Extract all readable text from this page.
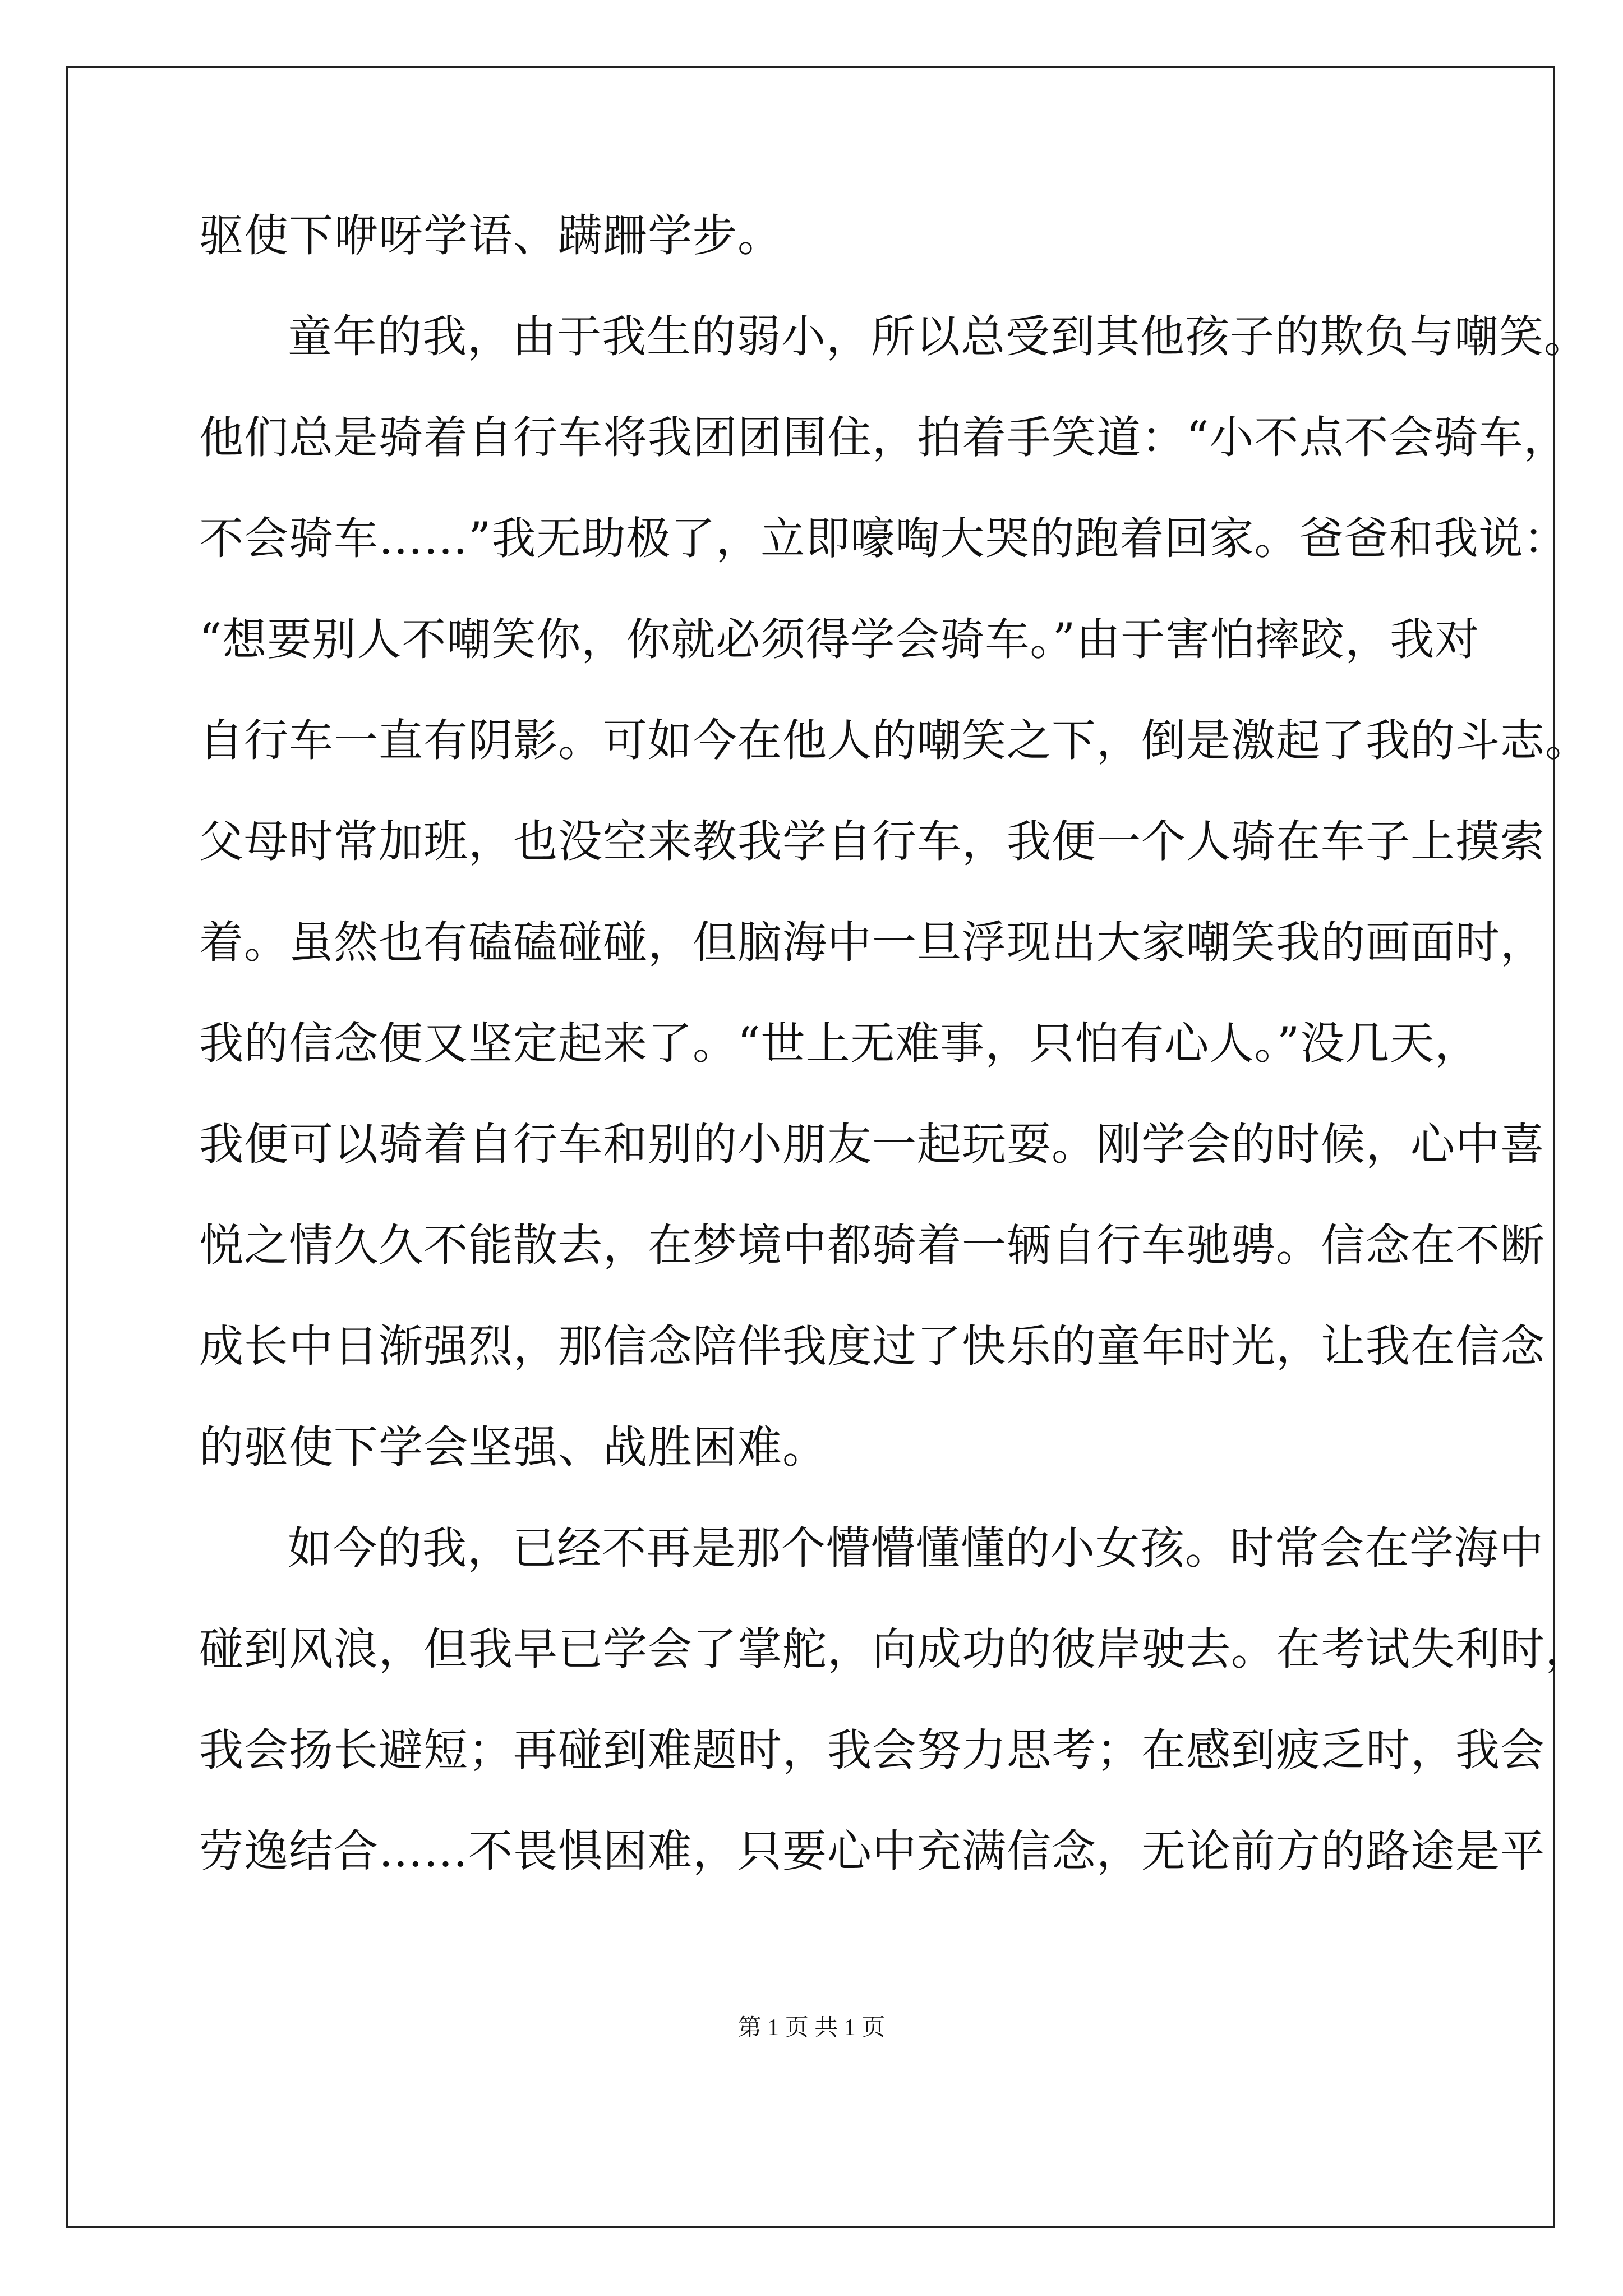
驱使下咿呀学语、蹒跚学步。
童年的我，由于我生的弱小，所以总受到其他孩子的欺负与嘲笑。
他们总是骑着自行车将我团团围住，拍着手笑道：“小不点不会骑车，
不会骑车……”我无助极了，立即嚎啕大哭的跑着回家。爸爸和我说：
“想要别人不嘲笑你，你就必须得学会骑车。”由于害怕摔跤，我对
自行车一直有阴影。可如今在他人的嘲笑之下，倒是激起了我的斗志。
父母时常加班，也没空来教我学自行车，我便一个人骑在车子上摸索
着。虽然也有磕磕碰碰，但脑海中一旦浮现出大家嘲笑我的画面时，
我的信念便又坚定起来了。“世上无难事，只怕有心人。”没几天，
我便可以骑着自行车和别的小朋友一起玩耍。刚学会的时候，心中喜
悦之情久久不能散去，在梦境中都骑着一辆自行车驰骋。信念在不断
成长中日渐强烈，那信念陪伴我度过了快乐的童年时光，让我在信念
的驱使下学会坚强、战胜困难。
如今的我，已经不再是那个懵懵懂懂的小女孩。时常会在学海中
碰到风浪，但我早已学会了掌舵，向成功的彼岸驶去。在考试失利时，
我会扬长避短；再碰到难题时，我会努力思考；在感到疲乏时，我会
劳逸结合……不畏惧困难，只要心中充满信念，无论前方的路途是平
第 1 页 共 1 页
